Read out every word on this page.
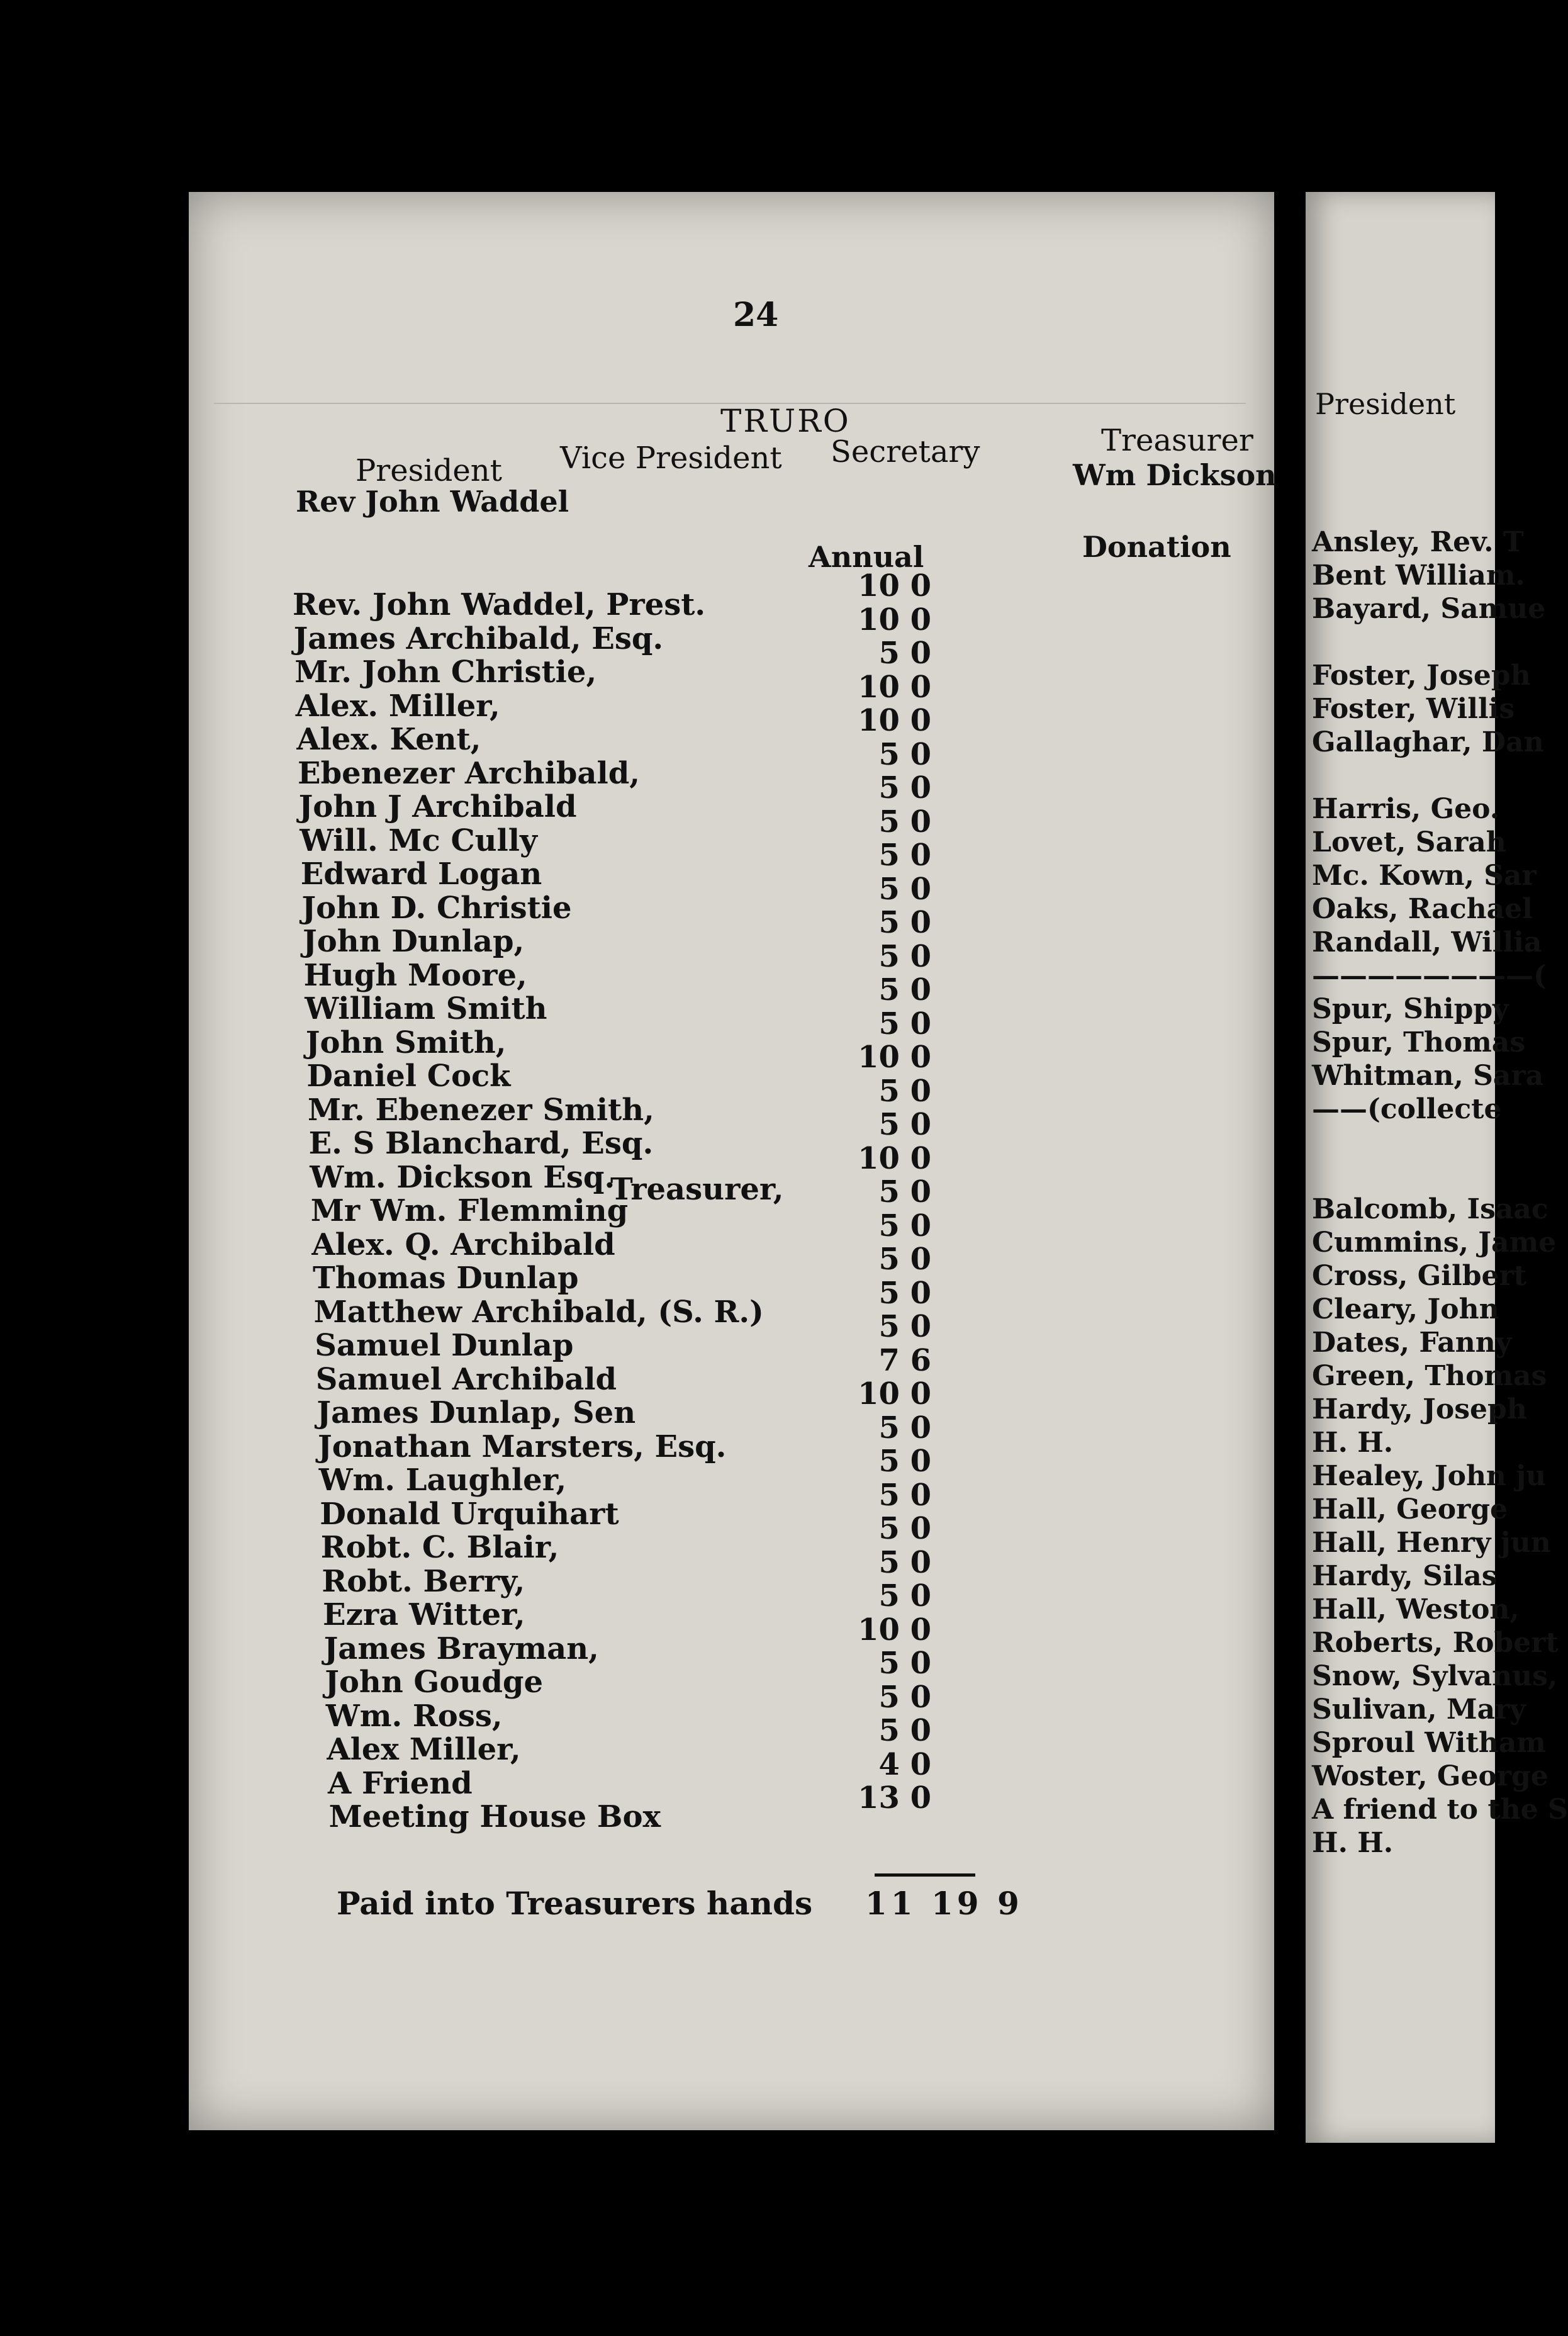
President
Ansley, Rev. T
Bent William.
Bayard, Samue
Foster, Joseph
Foster, Willis
Gallaghar, Dan
Harris, Geo.
Lovet, Sarah
Mc. Kown, Sar
Oaks, Rachael
Randall, Willia
————————(
Spur, Shippy
Spur, Thomas
Whitman, Sara
——(collecte
Balcomb, Isaac
Cummins, Jame
Cross, Gilbert
Cleary, John
Dates, Fanny
Green, Thomas
Hardy, Joseph
H. H.
Healey, John ju
Hall, George
Hall, Henry jun
Hardy, Silas
Hall, Weston,
Roberts, Robert
Snow, Sylvanus,
Sulivan, Mary
Sproul Witham
Woster, George
A friend to the S
H. H.
24
TRURO
President Vice President Secretary	Treasurer
Rev John Waddel
Wm Dickson
Annual	Donation
Rev. John Waddel, Prest.
James Archibald, Esq.
Mr. John Christie,
Alex. Miller,
Alex. Kent,
Ebenezer Archibald,
John J Archibald
Will. Mc Cully
Edward Logan
John D. Christie
John Dunlap,
Hugh Moore,
William Smith
John Smith,
Daniel Cock
Mr. Ebenezer Smith,
E. S Blanchard, Esq.
Wm. Dickson Esq.
Mr Wm. Flemming
Alex. Q. Archibald
Thomas Dunlap
Matthew Archibald, (S. R.)
Samuel Dunlap
Samuel Archibald
James Dunlap, Sen
Jonathan Marsters, Esq.
Wm. Laughler,
Donald Urquihart
Robt. C. Blair,
Robt. Berry,
Ezra Witter,
James Brayman,
John Goudge
Wm. Ross,
Alex Miller,
A Friend
Meeting House Box
10 0
10 0
5 0
10 0
10 0
5 0
5 0
5 0
5 0
5 0
5 0
5 0
5 0
5 0
10 0
5 0
5 0
10 0
5 0
5 0
5 0
5 0
5 0
7 6
10 0
5 0
5 0
5 0
5 0
5 0
5 0
10 0
5 0
5 0
5 0
4 0
13 0
Treasurer,
Paid into Treasurers hands 11 19 9
